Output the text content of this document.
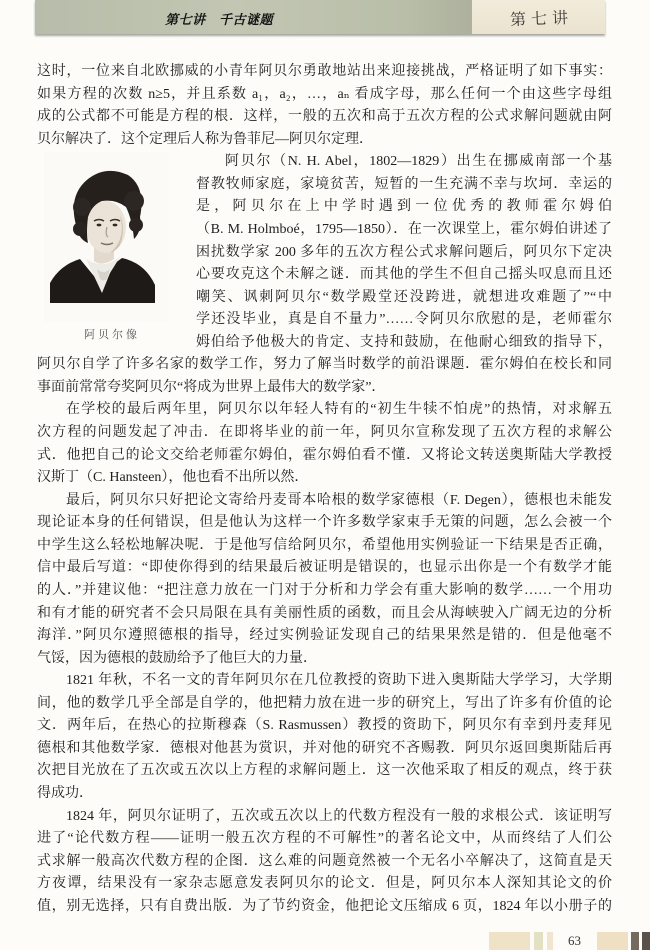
第七讲　千古谜题	第七讲
阿贝尔像
这时，一位来自北欧挪威的小青年阿贝尔勇敢地站出来迎接挑战，严格证明了如下事实：
如果方程的次数 n≥5，并且系数 a₁，a₂，…，aₙ 看成字母，那么任何一个由这些字母组
成的公式都不可能是方程的根．这样，一般的五次和高于五次方程的公式求解问题就由阿
贝尔解决了．这个定理后人称为鲁菲尼—阿贝尔定理．
阿贝尔（N. H. Abel，1802—1829）出生在挪威南部一个基
督教牧师家庭，家境贫苦，短暂的一生充满不幸与坎坷．幸运的
是，阿贝尔在上中学时遇到一位优秀的教师霍尔姆伯
（B. M. Holmboé，1795—1850）．在一次课堂上，霍尔姆伯讲述了
困扰数学家 200 多年的五次方程公式求解问题后，阿贝尔下定决
心要攻克这个未解之谜．而其他的学生不但自己摇头叹息而且还
嘲笑、讽刺阿贝尔“数学殿堂还没跨进，就想进攻难题了”“中
学还没毕业，真是自不量力”……令阿贝尔欣慰的是，老师霍尔
姆伯给予他极大的肯定、支持和鼓励，在他耐心细致的指导下，
阿贝尔自学了许多名家的数学工作，努力了解当时数学的前沿课题．霍尔姆伯在校长和同
事面前常常夸奖阿贝尔“将成为世界上最伟大的数学家”．
在学校的最后两年里，阿贝尔以年轻人特有的“初生牛犊不怕虎”的热情，对求解五
次方程的问题发起了冲击．在即将毕业的前一年，阿贝尔宣称发现了五次方程的求解公
式．他把自己的论文交给老师霍尔姆伯，霍尔姆伯看不懂．又将论文转送奥斯陆大学教授
汉斯丁（C. Hansteen），他也看不出所以然．
最后，阿贝尔只好把论文寄给丹麦哥本哈根的数学家德根（F. Degen），德根也未能发
现论证本身的任何错误，但是他认为这样一个许多数学家束手无策的问题，怎么会被一个
中学生这么轻松地解决呢．于是他写信给阿贝尔，希望他用实例验证一下结果是否正确，
信中最后写道：“即使你得到的结果最后被证明是错误的，也显示出你是一个有数学才能
的人．”并建议他：“把注意力放在一门对于分析和力学会有重大影响的数学……一个用功
和有才能的研究者不会只局限在具有美丽性质的函数，而且会从海峡驶入广阔无边的分析
海洋．”阿贝尔遵照德根的指导，经过实例验证发现自己的结果果然是错的．但是他毫不
气馁，因为德根的鼓励给予了他巨大的力量．
1821 年秋，不名一文的青年阿贝尔在几位教授的资助下进入奥斯陆大学学习，大学期
间，他的数学几乎全部是自学的，他把精力放在进一步的研究上，写出了许多有价值的论
文．两年后，在热心的拉斯穆森（S. Rasmussen）教授的资助下，阿贝尔有幸到丹麦拜见
德根和其他数学家．德根对他甚为赏识，并对他的研究不吝赐教．阿贝尔返回奥斯陆后再
次把目光放在了五次或五次以上方程的求解问题上．这一次他采取了相反的观点，终于获
得成功．
1824 年，阿贝尔证明了，五次或五次以上的代数方程没有一般的求根公式．该证明写
进了“论代数方程——证明一般五次方程的不可解性”的著名论文中，从而终结了人们公
式求解一般高次代数方程的企图．这么难的问题竟然被一个无名小卒解决了，这简直是天
方夜谭，结果没有一家杂志愿意发表阿贝尔的论文．但是，阿贝尔本人深知其论文的价
值，别无选择，只有自费出版．为了节约资金，他把论文压缩成 6 页，1824 年以小册子的
63
